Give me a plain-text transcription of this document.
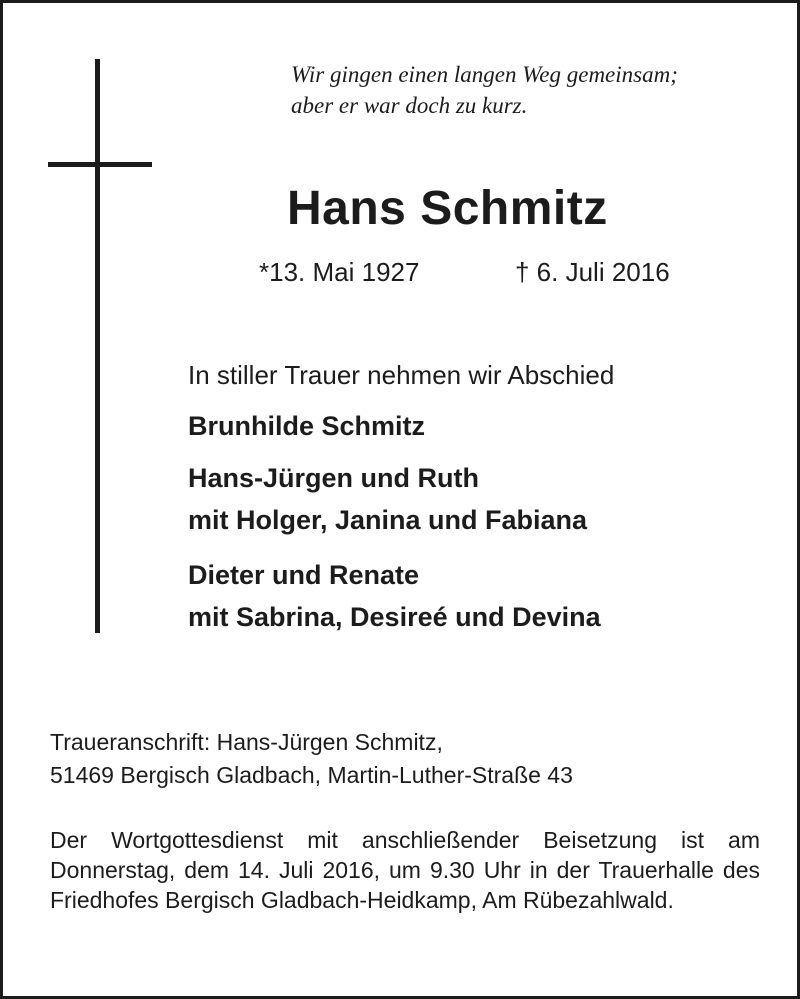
Wir gingen einen langen Weg gemeinsam;
aber er war doch zu kurz.

Hans Schmitz
*13. Mai 1927	† 6. Juli 2016
In stiller Trauer nehmen wir Abschied
Brunhilde Schmitz
Hans-Jürgen und Ruth
mit Holger, Janina und Fabiana
Dieter und Renate
mit Sabrina, Desireé und Devina
Traueranschrift: Hans-Jürgen Schmitz,
51469 Bergisch Gladbach, Martin-Luther-Straße 43

Der Wortgottesdienst mit anschließender Beisetzung ist am Donnerstag, dem 14. Juli 2016, um 9.30 Uhr in der Trauerhalle des Friedhofes Bergisch Gladbach-Heidkamp, Am Rübezahlwald.
